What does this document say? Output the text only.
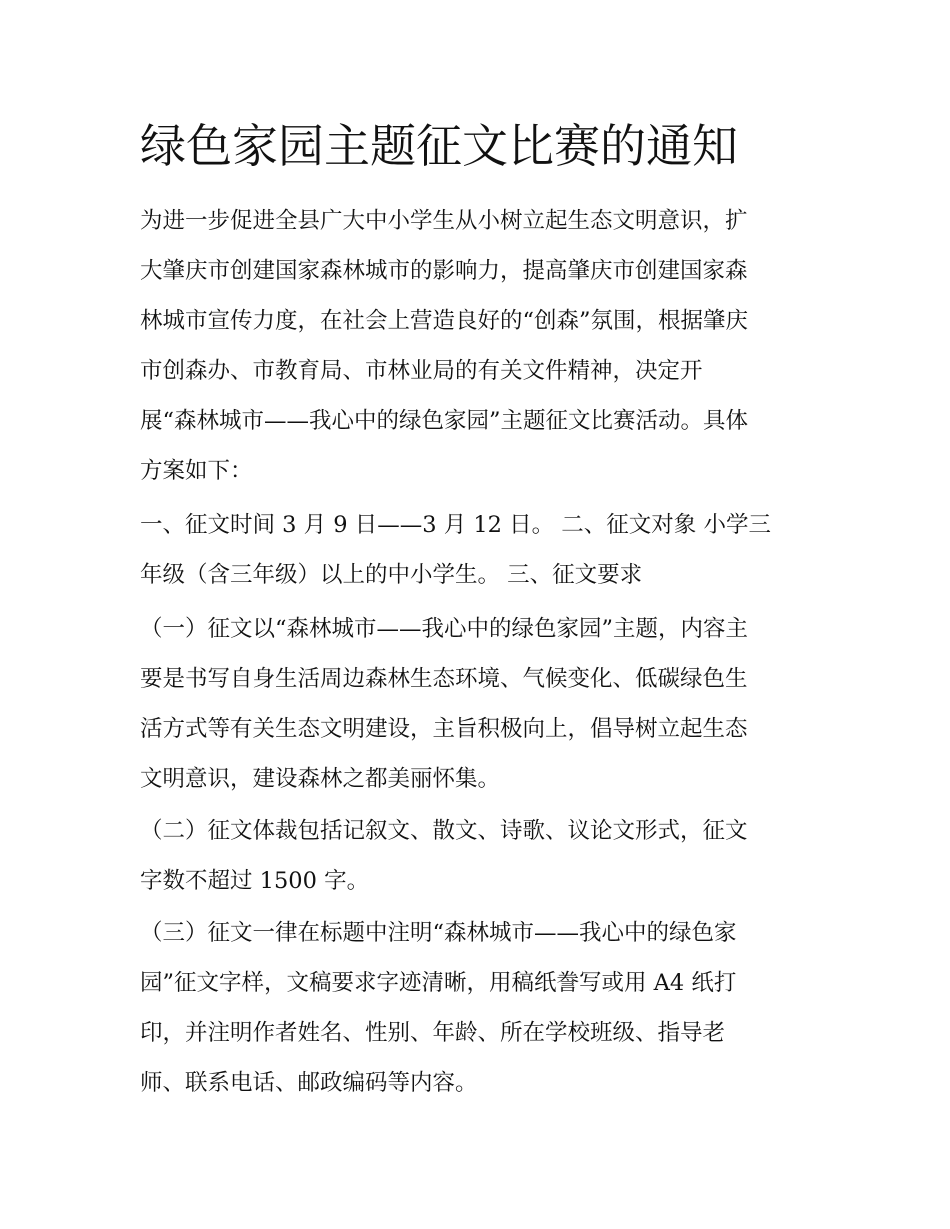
绿色家园主题征文比赛的通知
为进一步促进全县广大中小学生从小树立起生态文明意识，扩
大肇庆市创建国家森林城市的影响力，提高肇庆市创建国家森
林城市宣传力度，在社会上营造良好的“创森”氛围，根据肇庆
市创森办、市教育局、市林业局的有关文件精神，决定开
展“森林城市——我心中的绿色家园”主题征文比赛活动。具体
方案如下：
一、征文时间 3 月 9 日——3 月 12 日。 二、征文对象 小学三
年级（含三年级）以上的中小学生。 三、征文要求
（一）征文以“森林城市——我心中的绿色家园”主题，内容主
要是书写自身生活周边森林生态环境、气候变化、低碳绿色生
活方式等有关生态文明建设，主旨积极向上，倡导树立起生态
文明意识，建设森林之都美丽怀集。
（二）征文体裁包括记叙文、散文、诗歌、议论文形式，征文
字数不超过 1500 字。
（三）征文一律在标题中注明“森林城市——我心中的绿色家
园”征文字样，文稿要求字迹清晰，用稿纸誊写或用 A4 纸打
印，并注明作者姓名、性别、年龄、所在学校班级、指导老
师、联系电话、邮政编码等内容。
